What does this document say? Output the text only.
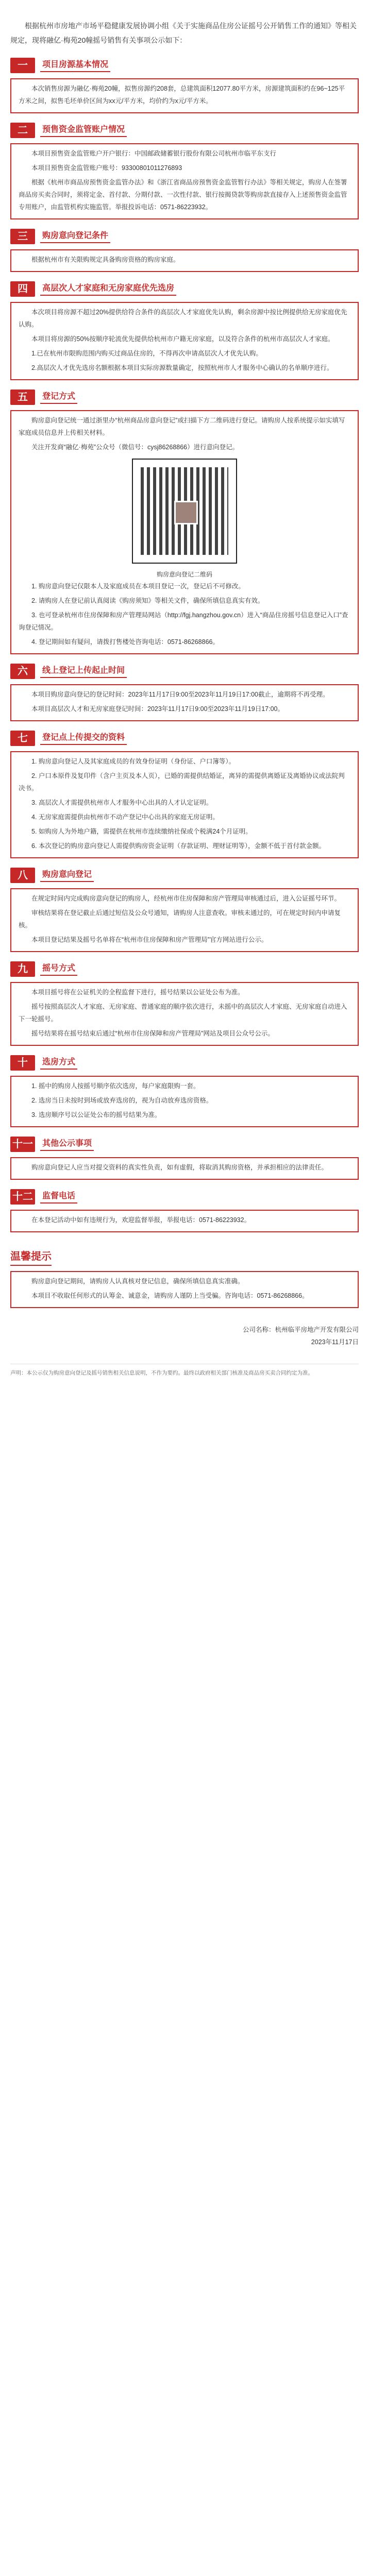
根据杭州市房地产市场平稳健康发展协调小组《关于实施商品住房公证摇号公开销售工作的通知》等相关规定，现将融亿·梅苑20幢摇号销售有关事项公示如下：

一	项目房源基本情况

本次销售房源为融亿·梅苑20幢，拟售房源约208套，总建筑面积12077.80平方米，房源建筑面积约在96~125平方米之间，拟售毛坯单价区间为xx元/平方米，均价约为x元/平方米。

二	预售资金监管账户情况

本项目预售资金监管账户开户银行：中国邮政储蓄银行股份有限公司杭州市临平东支行

本项目预售资金监管账户账号：93300801011276893

根据《杭州市商品房预售资金监管办法》和《浙江省商品房预售资金监管暂行办法》等相关规定，购房人在签署商品房买卖合同时，须将定金、首付款、分期付款、一次性付款、银行按揭贷款等购房款直接存入上述预售资金监管专用账户，由监管机构实施监管。举报投诉电话：0571-86223932。

三	购房意向登记条件

根据杭州市有关限购规定具备购房资格的购房家庭。

四	高层次人才家庭和无房家庭优先选房

本次项目将房源不超过20%提供给符合条件的高层次人才家庭优先认购，剩余房源中按比例提供给无房家庭优先认购。

本项目将房源的50%按顺序轮流优先提供给杭州市户籍无房家庭，以及符合条件的杭州市高层次人才家庭。

1.已在杭州市限购范围内购买过商品住房的，不得再次申请高层次人才优先认购。

2.高层次人才优先选房名额根据本项目实际房源数量确定，按照杭州市人才服务中心确认的名单顺序进行。

五	登记方式

购房意向登记统一通过浙里办“杭州商品房意向登记”或扫描下方二维码进行登记。请购房人按系统提示如实填写家庭成员信息并上传相关材料。

关注开发商“融亿·梅苑”公众号（微信号：cysj86268866）进行意向登记。

购房意向登记二维码

1. 购房意向登记仅限本人及家庭成员在本项目登记一次，登记后不可修改。

2. 请购房人在登记前认真阅读《购房须知》等相关文件，确保所填信息真实有效。

3. 也可登录杭州市住房保障和房产管理局网站（http://fgj.hangzhou.gov.cn）进入“商品住房摇号信息登记入口”查询登记情况。

4. 登记期间如有疑问，请拨打售楼处咨询电话：0571-86268866。

六	线上登记上传起止时间

本项目购房意向登记的登记时间：2023年11月17日9:00至2023年11月19日17:00截止，逾期将不再受理。

本项目高层次人才和无房家庭登记时间：2023年11月17日9:00至2023年11月19日17:00。

七	登记点上传提交的资料

1. 购房意向登记人及其家庭成员的有效身份证明（身份证、户口簿等）。

2. 户口本原件及复印件（含户主页及本人页），已婚的需提供结婚证，离异的需提供离婚证及离婚协议或法院判决书。

3. 高层次人才需提供杭州市人才服务中心出具的人才认定证明。

4. 无房家庭需提供由杭州市不动产登记中心出具的家庭无房证明。

5. 如购房人为外地户籍，需提供在杭州市连续缴纳社保或个税满24个月证明。

6. 本次登记的购房意向登记人需提供购房资金证明（存款证明、理财证明等），金额不低于首付款金额。

八	购房意向登记

在规定时间内完成购房意向登记的购房人，经杭州市住房保障和房产管理局审核通过后，进入公证摇号环节。

审核结果将在登记截止后通过短信及公众号通知，请购房人注意查收。审核未通过的，可在规定时间内申请复核。

本项目登记结果及摇号名单将在“杭州市住房保障和房产管理局”官方网站进行公示。

九	摇号方式

本项目摇号将在公证机关的全程监督下进行，摇号结果以公证处公布为准。

摇号按照高层次人才家庭、无房家庭、普通家庭的顺序依次进行，未摇中的高层次人才家庭、无房家庭自动进入下一轮摇号。

摇号结果将在摇号结束后通过“杭州市住房保障和房产管理局”网站及项目公众号公示。

十	选房方式

1. 摇中的购房人按摇号顺序依次选房，每户家庭限购一套。

2. 选房当日未按时到场或放弃选房的，视为自动放弃选房资格。

3. 选房顺序号以公证处公布的摇号结果为准。

十一 其他公示事项

购房意向登记人应当对提交资料的真实性负责，如有虚假，将取消其购房资格，并承担相应的法律责任。

十二 监督电话

在本登记活动中如有违规行为，欢迎监督举报，举报电话：0571-86223932。

温馨提示

购房意向登记期间，请购房人认真核对登记信息，确保所填信息真实准确。

本项目不收取任何形式的认筹金、诚意金，请购房人谨防上当受骗。咨询电话：0571-86268866。

公司名称：杭州临平房地产开发有限公司
2023年11月17日
声明：本公示仅为购房意向登记及摇号销售相关信息说明，不作为要约。最终以政府相关部门核准及商品房买卖合同约定为准。
